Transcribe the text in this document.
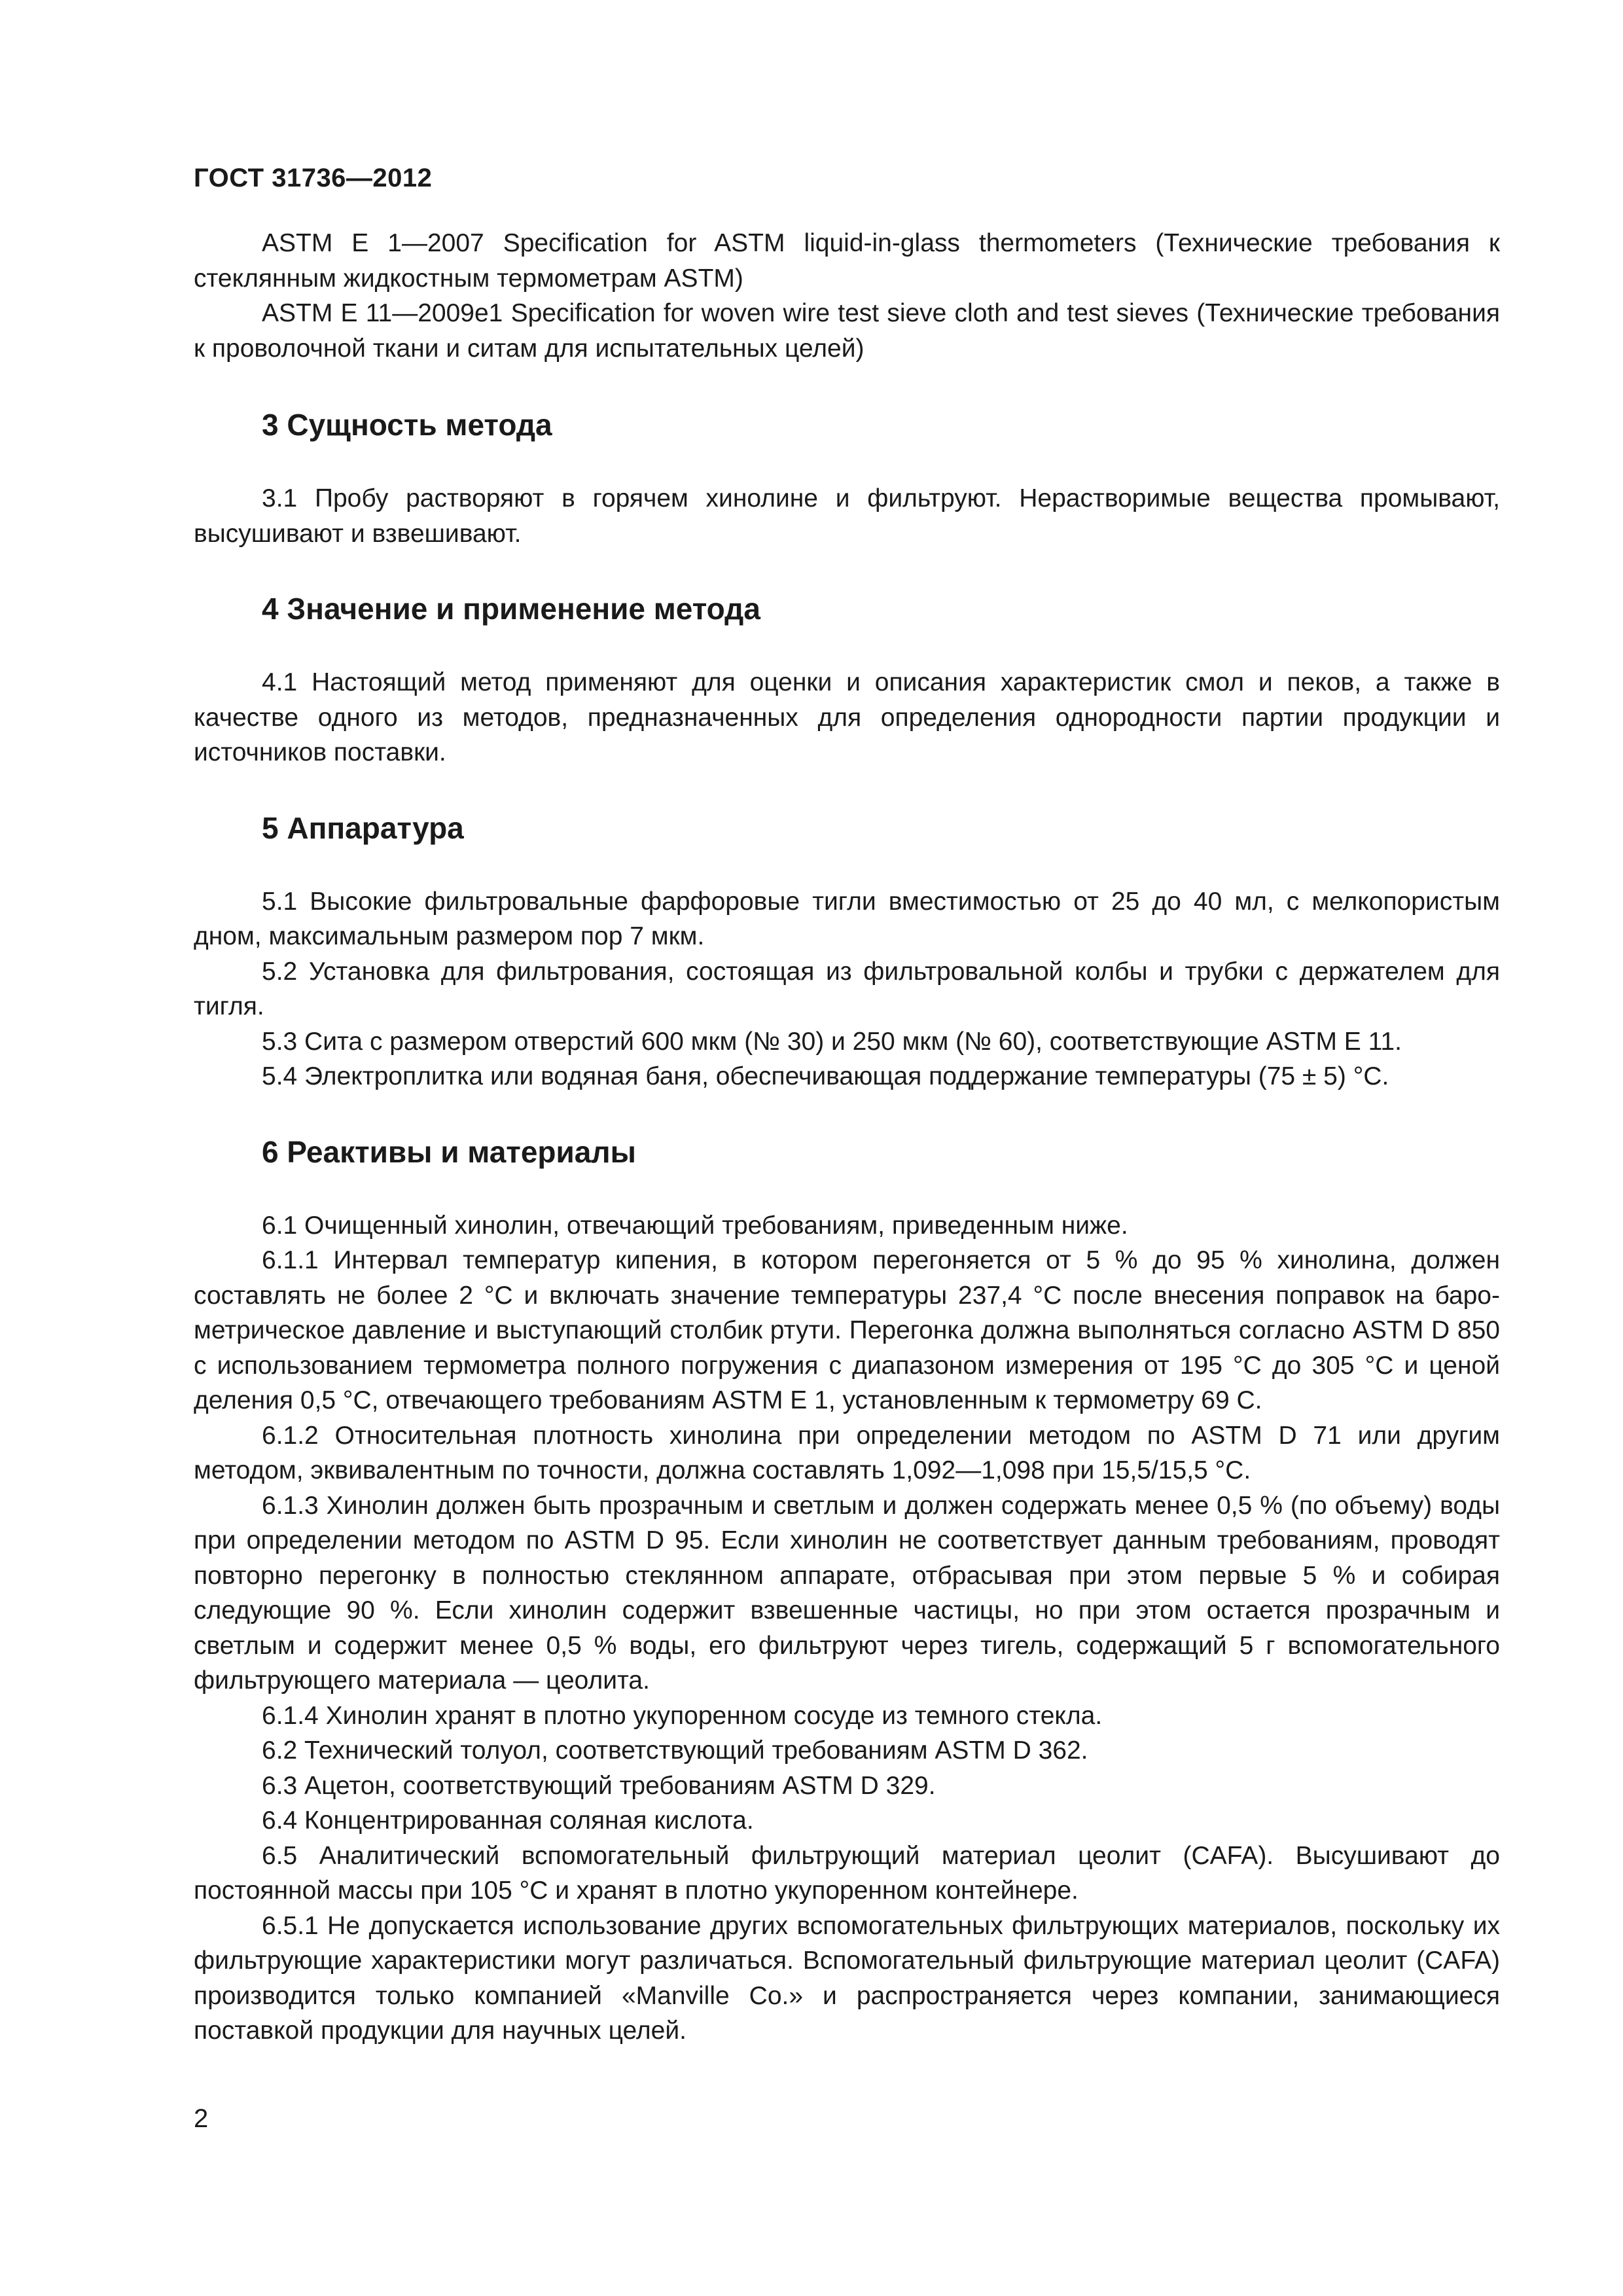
ГОСТ 31736—2012

ASTM E 1—2007 Specification for ASTM liquid-in-glass thermometers (Технические требования к стеклянным жидкостным термометрам ASTM)

ASTM E 11—2009e1 Specification for woven wire test sieve cloth and test sieves (Технические требования к проволочной ткани и ситам для испытательных целей)

3 Сущность метода

3.1 Пробу растворяют в горячем хинолине и фильтруют. Нерастворимые вещества промывают, высушивают и взвешивают.

4 Значение и применение метода

4.1 Настоящий метод применяют для оценки и описания характеристик смол и пеков, а также в качестве одного из методов, предназначенных для определения однородности партии продукции и источников поставки.

5 Аппаратура

5.1 Высокие фильтровальные фарфоровые тигли вместимостью от 25 до 40 мл, с мелкопористым дном, максимальным размером пор 7 мкм.

5.2 Установка для фильтрования, состоящая из фильтровальной колбы и трубки с держателем для тигля.

5.3 Сита с размером отверстий 600 мкм (№ 30) и 250 мкм (№ 60), соответствующие ASTM E 11.

5.4 Электроплитка или водяная баня, обеспечивающая поддержание температуры (75 ± 5) °С.

6 Реактивы и материалы

6.1 Очищенный хинолин, отвечающий требованиям, приведенным ниже.

6.1.1 Интервал температур кипения, в котором перегоняется от 5 % до 95 % хинолина, должен составлять не более 2 °С и включать значение температуры 237,4 °С после внесения поправок на барометрическое давление и выступающий столбик ртути. Перегонка должна выполняться согласно ASTM D 850 с использованием термометра полного погружения с диапазоном измерения от 195 °С до 305 °С и ценой деления 0,5 °С, отвечающего требованиям ASTM E 1, установленным к термометру 69 С.

6.1.2 Относительная плотность хинолина при определении методом по ASTM D 71 или другим методом, эквивалентным по точности, должна составлять 1,092—1,098 при 15,5/15,5 °С.

6.1.3 Хинолин должен быть прозрачным и светлым и должен содержать менее 0,5 % (по объему) воды при определении методом по ASTM D 95. Если хинолин не соответствует данным требованиям, проводят повторно перегонку в полностью стеклянном аппарате, отбрасывая при этом первые 5 % и собирая следующие 90 %. Если хинолин содержит взвешенные частицы, но при этом остается прозрачным и светлым и содержит менее 0,5 % воды, его фильтруют через тигель, содержащий 5 г вспомогательного фильтрующего материала — цеолита.

6.1.4 Хинолин хранят в плотно укупоренном сосуде из темного стекла.

6.2 Технический толуол, соответствующий требованиям ASTM D 362.

6.3 Ацетон, соответствующий требованиям ASTM D 329.

6.4 Концентрированная соляная кислота.

6.5 Аналитический вспомогательный фильтрующий материал цеолит (CAFA). Высушивают до постоянной массы при 105 °С и хранят в плотно укупоренном контейнере.

6.5.1 Не допускается использование других вспомогательных фильтрующих материалов, поскольку их фильтрующие характеристики могут различаться. Вспомогательный фильтрующие материал цеолит (CAFA) производится только компанией «Manville Co.» и распространяется через компании, занимающиеся поставкой продукции для научных целей.

2
